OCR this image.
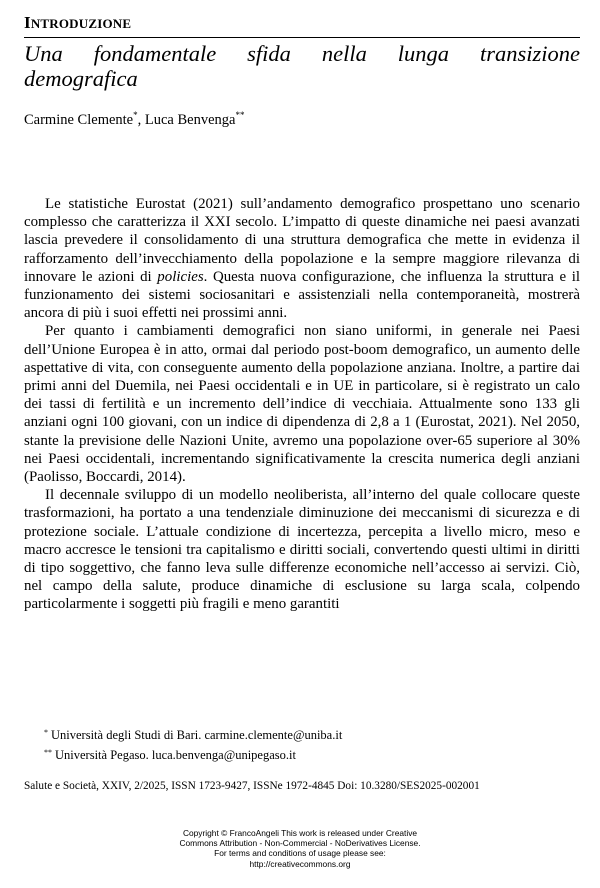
INTRODUZIONE
Una fondamentale sfida nella lunga transizione demografica
Carmine Clemente*, Luca Benvenga**

Le statistiche Eurostat (2021) sull’andamento demografico prospettano uno scenario complesso che caratterizza il XXI secolo. L’impatto di queste dinamiche nei paesi avanzati lascia prevedere il consolidamento di una struttura demografica che mette in evidenza il rafforzamento dell’invecchiamento della popolazione e la sempre maggiore rilevanza di innovare le azioni di policies. Questa nuova configurazione, che influenza la struttura e il funzionamento dei sistemi sociosanitari e assistenziali nella contemporaneità, mostrerà ancora di più i suoi effetti nei prossimi anni.

Per quanto i cambiamenti demografici non siano uniformi, in generale nei Paesi dell’Unione Europea è in atto, ormai dal periodo post-boom demografico, un aumento delle aspettative di vita, con conseguente aumento della popolazione anziana. Inoltre, a partire dai primi anni del Duemila, nei Paesi occidentali e in UE in particolare, si è registrato un calo dei tassi di fertilità e un incremento dell’indice di vecchiaia. Attualmente sono 133 gli anziani ogni 100 giovani, con un indice di dipendenza di 2,8 a 1 (Eurostat, 2021). Nel 2050, stante la previsione delle Nazioni Unite, avremo una popolazione over-65 superiore al 30% nei Paesi occidentali, incrementando significativamente la crescita numerica degli anziani (Paolisso, Boccardi, 2014).

Il decennale sviluppo di un modello neoliberista, all’interno del quale collocare queste trasformazioni, ha portato a una tendenziale diminuzione dei meccanismi di sicurezza e di protezione sociale. L’attuale condizione di incertezza, percepita a livello micro, meso e macro accresce le tensioni tra capitalismo e diritti sociali, convertendo questi ultimi in diritti di tipo soggettivo, che fanno leva sulle differenze economiche nell’accesso ai servizi. Ciò, nel campo della salute, produce dinamiche di esclusione su larga scala, colpendo particolarmente i soggetti più fragili e meno garantiti

* Università degli Studi di Bari. carmine.clemente@uniba.it
** Università Pegaso. luca.benvenga@unipegaso.it
Salute e Società, XXIV, 2/2025, ISSN 1723-9427, ISSNe 1972-4845 Doi: 10.3280/SES2025-002001
Copyright © FrancoAngeli This work is released under Creative
Commons Attribution - Non-Commercial - NoDerivatives License.
For terms and conditions of usage please see:
http://creativecommons.org
